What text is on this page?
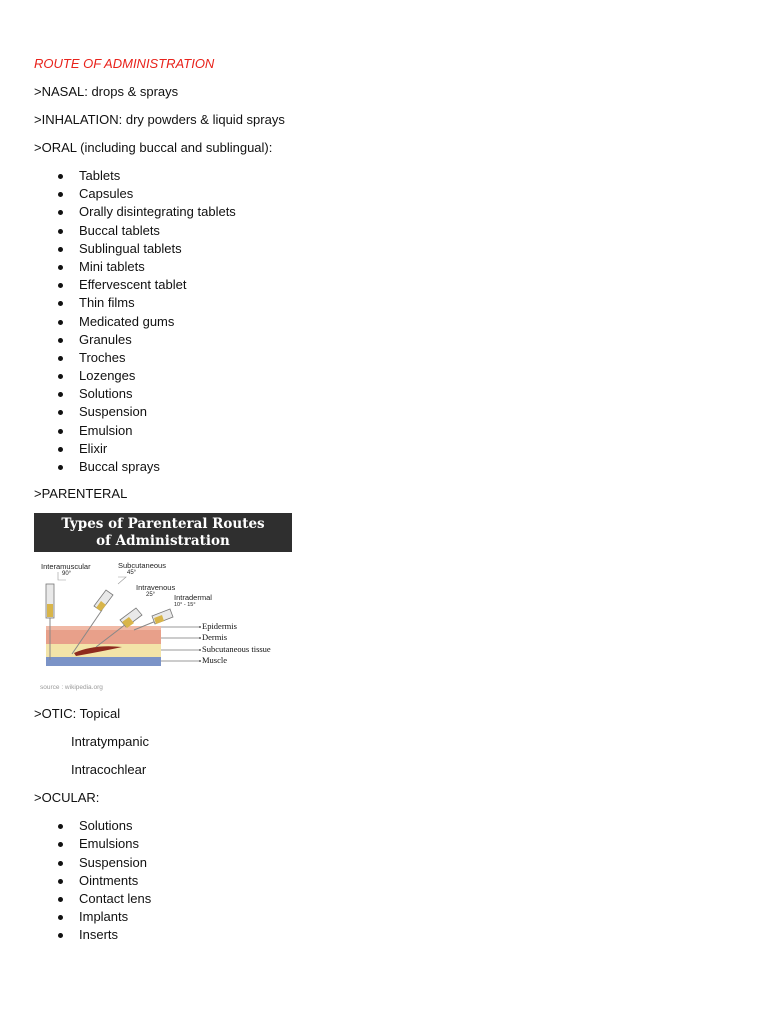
ROUTE OF ADMINISTRATION
>NASAL: drops & sprays
>INHALATION: dry powders & liquid sprays
>ORAL (including buccal and sublingual):
Tablets
Capsules
Orally disintegrating tablets
Buccal tablets
Sublingual tablets
Mini tablets
Effervescent tablet
Thin films
Medicated gums
Granules
Troches
Lozenges
Solutions
Suspension
Emulsion
Elixir
Buccal sprays
>PARENTERAL
Types of Parenteral Routes
of Administration
Interamuscular
90°
Subcutaneous
45°
Intravenous
25°	Intradermal
10° - 15°
Epidermis
Dermis
Subcutaneous tissue
Muscle
source : wikipedia.org
>OTIC: Topical
Intratympanic
Intracochlear
>OCULAR:
Solutions
Emulsions
Suspension
Ointments
Contact lens
Implants
Inserts
